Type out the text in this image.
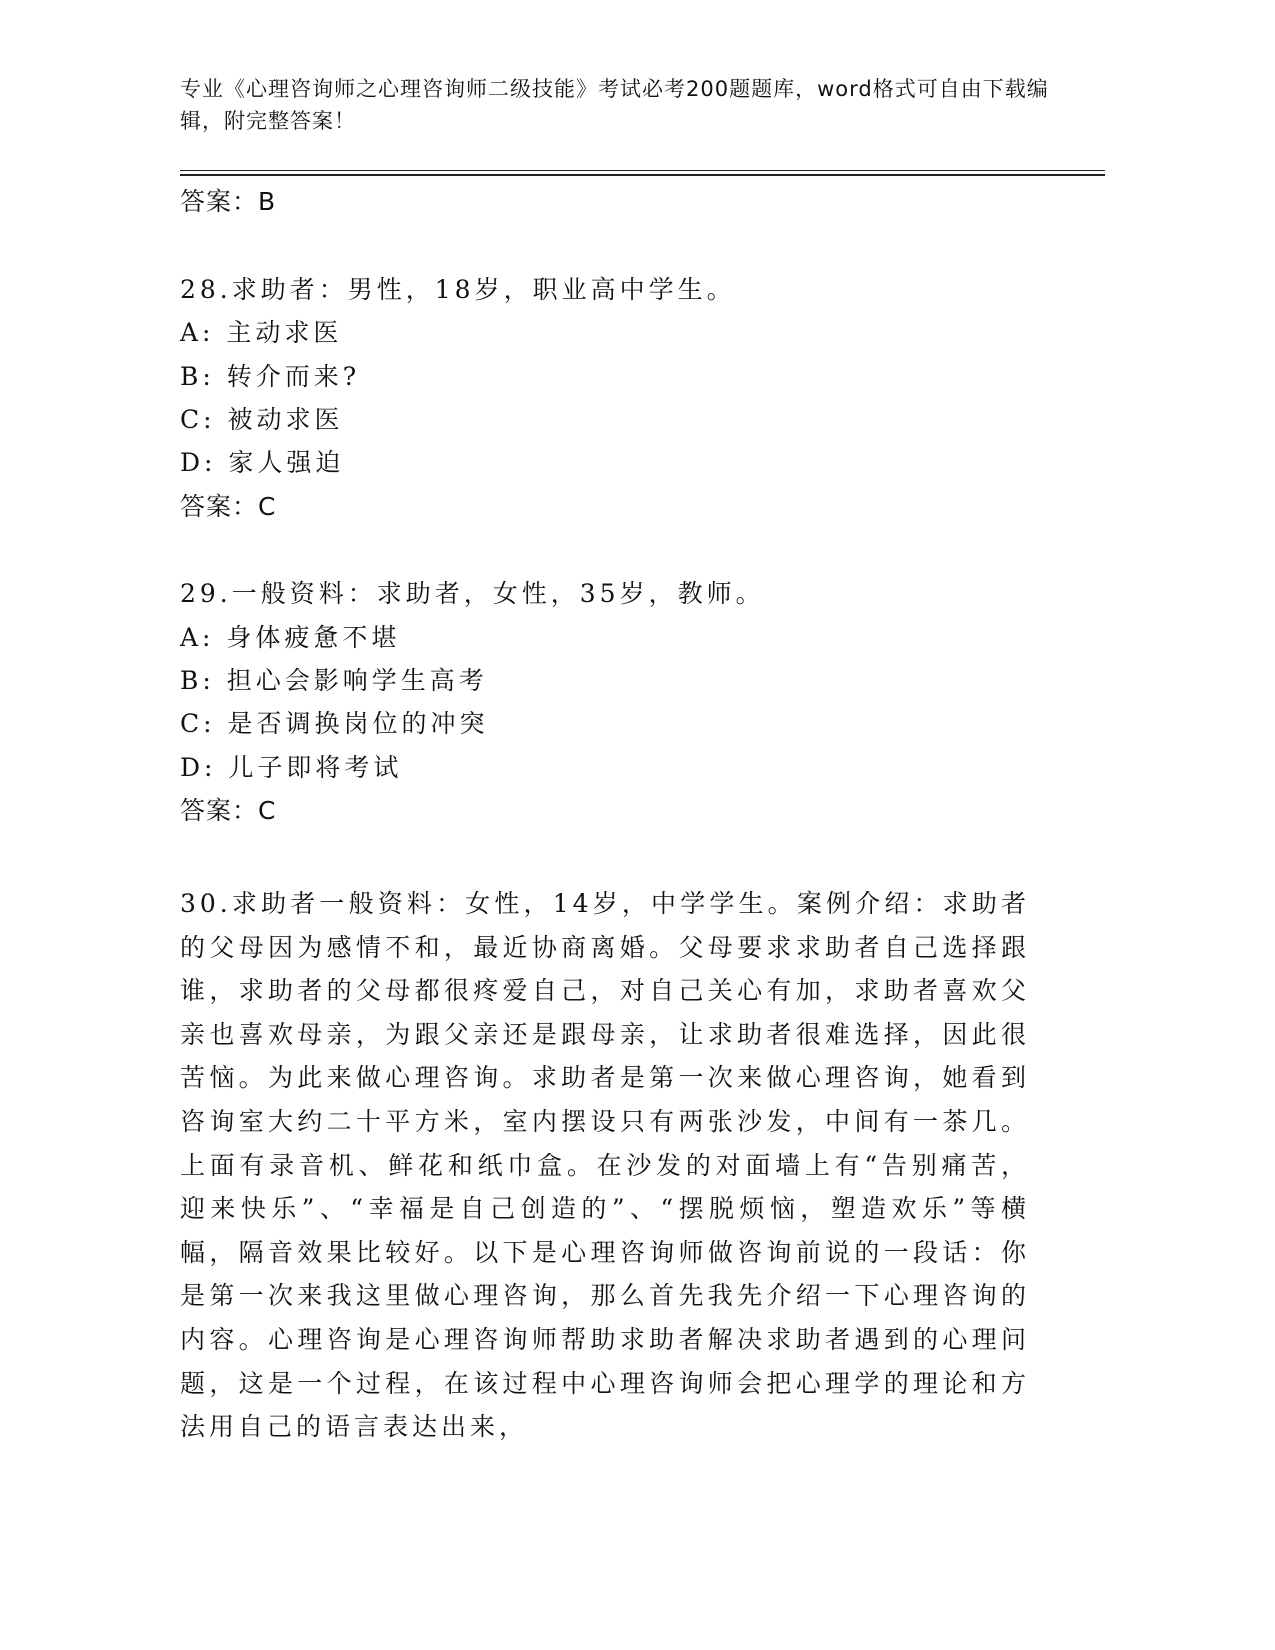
专业《心理咨询师之心理咨询师二级技能》考试必考200题题库，word格式可自由下载编辑，附完整答案！
答案：B
28.求助者：男性，18岁，职业高中学生。
A: 主动求医
B: 转介而来?
C: 被动求医
D: 家人强迫
答案：C
29.一般资料：求助者，女性，35岁，教师。
A: 身体疲惫不堪
B: 担心会影响学生高考
C: 是否调换岗位的冲突
D: 儿子即将考试
答案：C
30.求助者一般资料：女性，14岁，中学学生。案例介绍：求助者的父母因为感情不和，最近协商离婚。父母要求求助者自己选择跟谁，求助者的父母都很疼爱自己，对自己关心有加，求助者喜欢父亲也喜欢母亲，为跟父亲还是跟母亲，让求助者很难选择，因此很苦恼。为此来做心理咨询。求助者是第一次来做心理咨询，她看到咨询室大约二十平方米，室内摆设只有两张沙发，中间有一茶几。上面有录音机、鲜花和纸巾盒。在沙发的对面墙上有“告别痛苦，迎来快乐”、“幸福是自己创造的”、“摆脱烦恼，塑造欢乐”等横幅，隔音效果比较好。以下是心理咨询师做咨询前说的一段话：你是第一次来我这里做心理咨询，那么首先我先介绍一下心理咨询的内容。心理咨询是心理咨询师帮助求助者解决求助者遇到的心理问题，这是一个过程，在该过程中心理咨询师会把心理学的理论和方法用自己的语言表达出来，
